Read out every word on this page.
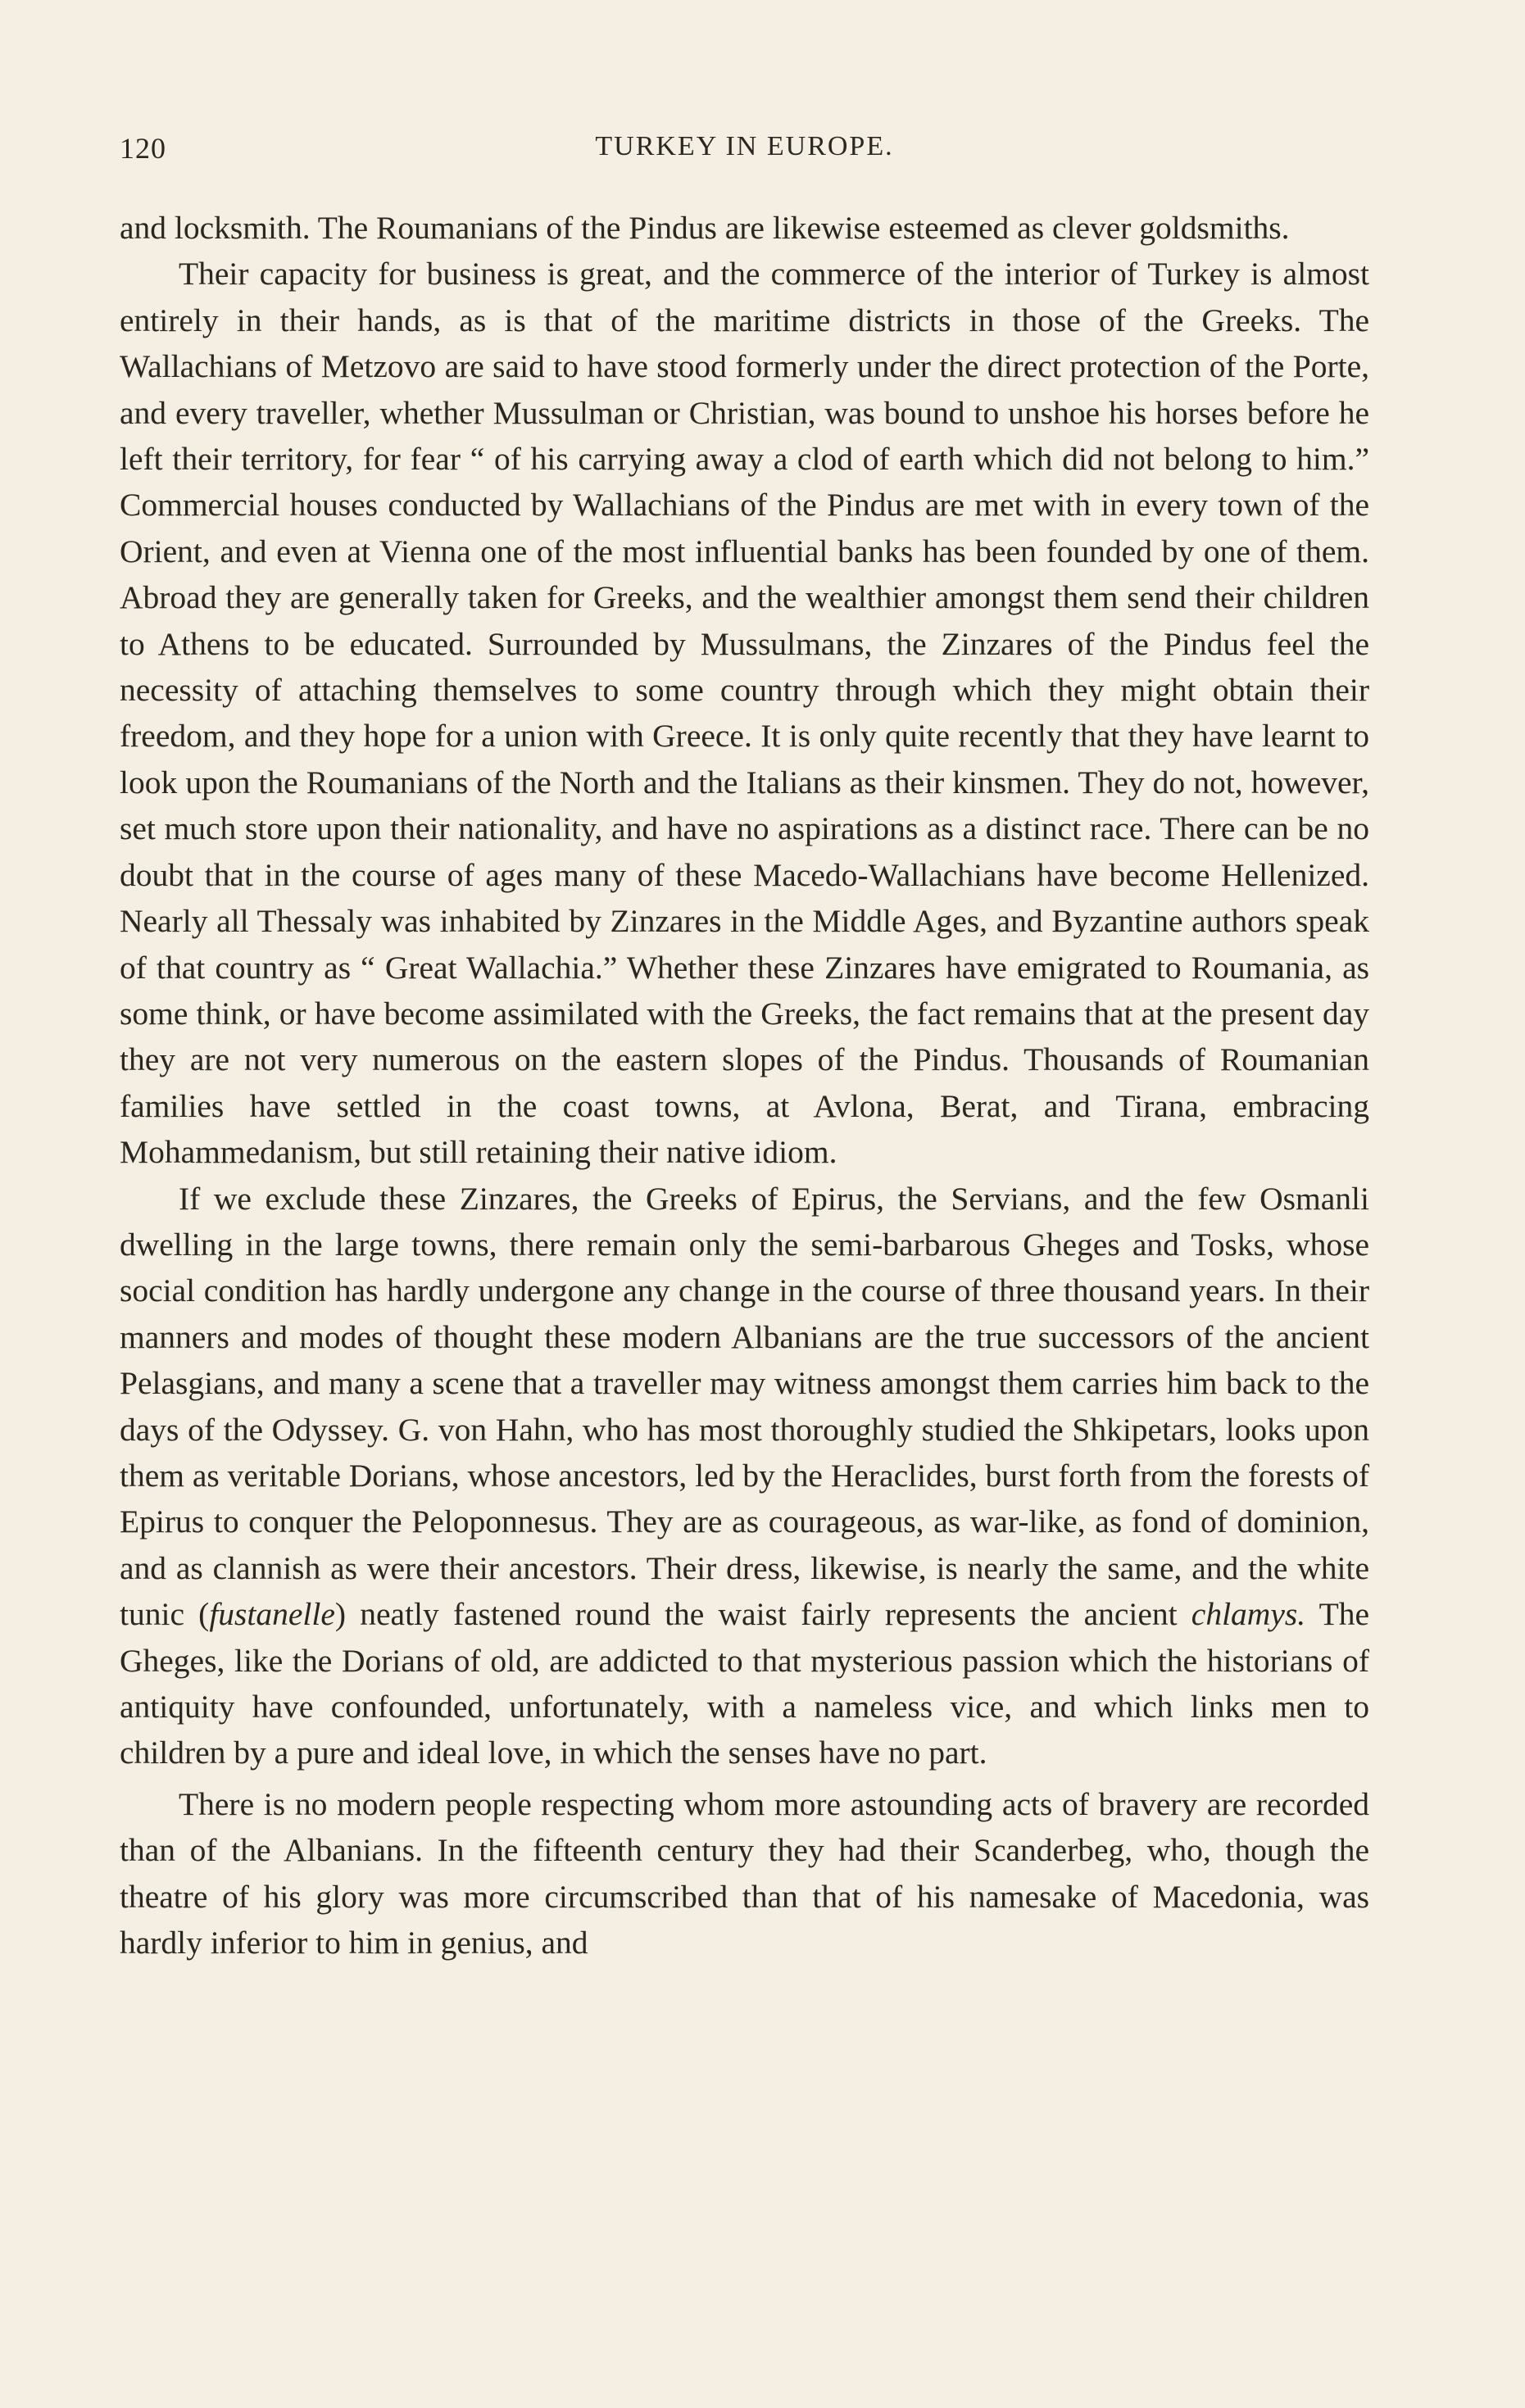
120	TURKEY IN EUROPE.

and locksmith. The Roumanians of the Pindus are likewise esteemed as clever goldsmiths.

Their capacity for business is great, and the commerce of the interior of Turkey is almost entirely in their hands, as is that of the maritime districts in those of the Greeks. The Wallachians of Metzovo are said to have stood formerly under the direct protection of the Porte, and every traveller, whether Mussulman or Christian, was bound to unshoe his horses before he left their territory, for fear “ of his carrying away a clod of earth which did not belong to him.” Commercial houses conducted by Wallachians of the Pindus are met with in every town of the Orient, and even at Vienna one of the most influential banks has been founded by one of them. Abroad they are generally taken for Greeks, and the wealthier amongst them send their children to Athens to be educated. Surrounded by Mussulmans, the Zinzares of the Pindus feel the necessity of attaching themselves to some country through which they might obtain their freedom, and they hope for a union with Greece. It is only quite recently that they have learnt to look upon the Roumanians of the North and the Italians as their kinsmen. They do not, however, set much store upon their nationality, and have no aspirations as a distinct race. There can be no doubt that in the course of ages many of these Macedo-Wallachians have become Hellenized. Nearly all Thessaly was inhabited by Zinzares in the Middle Ages, and Byzantine authors speak of that country as “ Great Wallachia.” Whether these Zinzares have emigrated to Roumania, as some think, or have become assimilated with the Greeks, the fact remains that at the present day they are not very numerous on the eastern slopes of the Pindus. Thousands of Roumanian families have settled in the coast towns, at Avlona, Berat, and Tirana, embracing Mohammedanism, but still retaining their native idiom.

If we exclude these Zinzares, the Greeks of Epirus, the Servians, and the few Osmanli dwelling in the large towns, there remain only the semi-barbarous Gheges and Tosks, whose social condition has hardly undergone any change in the course of three thousand years. In their manners and modes of thought these modern Albanians are the true successors of the ancient Pelasgians, and many a scene that a traveller may witness amongst them carries him back to the days of the Odyssey. G. von Hahn, who has most thoroughly studied the Shkipetars, looks upon them as veritable Dorians, whose ancestors, led by the Heraclides, burst forth from the forests of Epirus to conquer the Peloponnesus. They are as courageous, as war-like, as fond of dominion, and as clannish as were their ancestors. Their dress, likewise, is nearly the same, and the white tunic (fustanelle) neatly fastened round the waist fairly represents the ancient chlamys. The Gheges, like the Dorians of old, are addicted to that mysterious passion which the historians of antiquity have confounded, unfortunately, with a nameless vice, and which links men to children by a pure and ideal love, in which the senses have no part.

There is no modern people respecting whom more astounding acts of bravery are recorded than of the Albanians. In the fifteenth century they had their Scanderbeg, who, though the theatre of his glory was more circumscribed than that of his namesake of Macedonia, was hardly inferior to him in genius, and
